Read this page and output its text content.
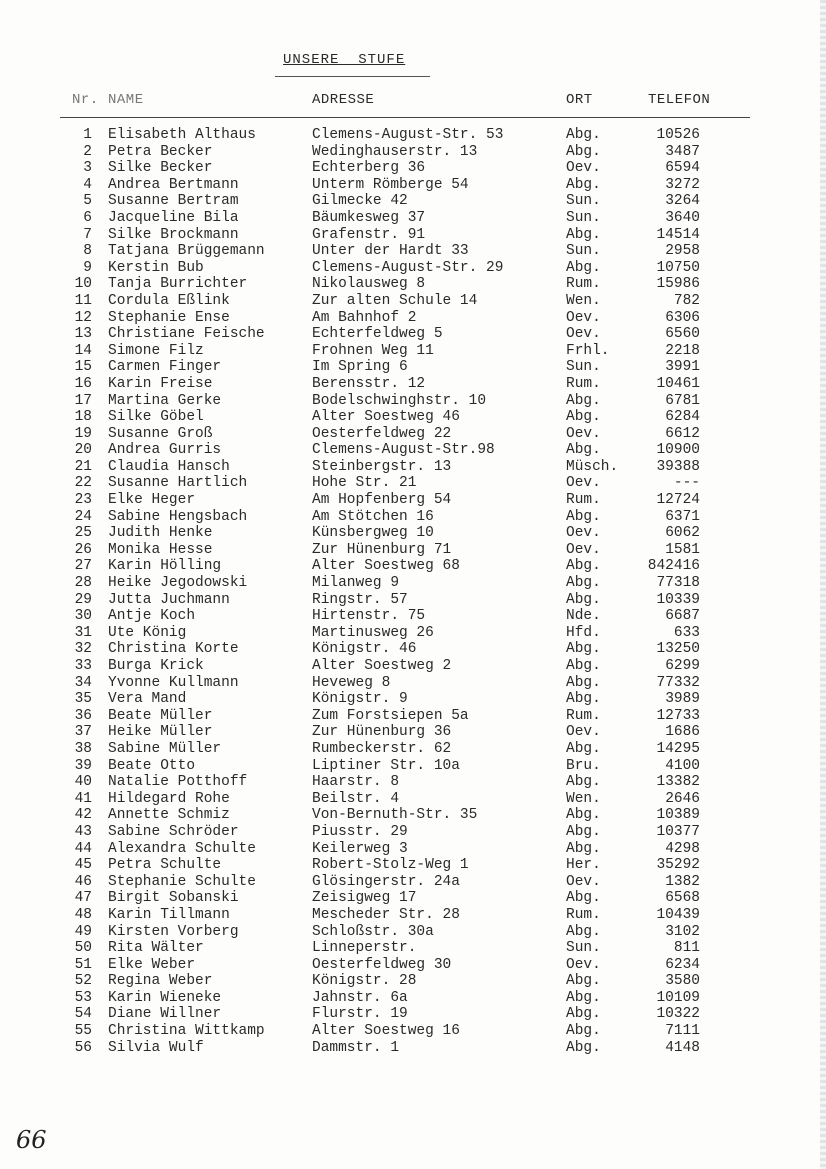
UNSERE  STUFE
Nr. NAME	ADRESSE	ORT	TELEFON
1 Elisabeth Althaus	Clemens-August-Str. 53	Abg.	10526
2 Petra Becker	Wedinghauserstr. 13	Abg.	3487
3 Silke Becker	Echterberg 36	Oev.	6594
4 Andrea Bertmann	Unterm Römberge 54	Abg.	3272
5 Susanne Bertram	Gilmecke 42	Sun.	3264
6 Jacqueline Bila	Bäumkesweg 37	Sun.	3640
7 Silke Brockmann	Grafenstr. 91	Abg.	14514
8 Tatjana Brüggemann	Unter der Hardt 33	Sun.	2958
9 Kerstin Bub	Clemens-August-Str. 29	Abg.	10750
10 Tanja Burrichter	Nikolausweg 8	Rum.	15986
11 Cordula Eßlink	Zur alten Schule 14	Wen.	782
12 Stephanie Ense	Am Bahnhof 2	Oev.	6306
13 Christiane Feische	Echterfeldweg 5	Oev.	6560
14 Simone Filz	Frohnen Weg 11	Frhl.	2218
15 Carmen Finger	Im Spring 6	Sun.	3991
16 Karin Freise	Berensstr. 12	Rum.	10461
17 Martina Gerke	Bodelschwinghstr. 10	Abg.	6781
18 Silke Göbel	Alter Soestweg 46	Abg.	6284
19 Susanne Groß	Oesterfeldweg 22	Oev.	6612
20 Andrea Gurris	Clemens-August-Str.98	Abg.	10900
21 Claudia Hansch	Steinbergstr. 13	Müsch.	39388
22 Susanne Hartlich	Hohe Str. 21	Oev.	---
23 Elke Heger	Am Hopfenberg 54	Rum.	12724
24 Sabine Hengsbach	Am Stötchen 16	Abg.	6371
25 Judith Henke	Künsbergweg 10	Oev.	6062
26 Monika Hesse	Zur Hünenburg 71	Oev.	1581
27 Karin Hölling	Alter Soestweg 68	Abg.	842416
28 Heike Jegodowski	Milanweg 9	Abg.	77318
29 Jutta Juchmann	Ringstr. 57	Abg.	10339
30 Antje Koch	Hirtenstr. 75	Nde.	6687
31 Ute König	Martinusweg 26	Hfd.	633
32 Christina Korte	Königstr. 46	Abg.	13250
33 Burga Krick	Alter Soestweg 2	Abg.	6299
34 Yvonne Kullmann	Heveweg 8	Abg.	77332
35 Vera Mand	Königstr. 9	Abg.	3989
36 Beate Müller	Zum Forstsiepen 5a	Rum.	12733
37 Heike Müller	Zur Hünenburg 36	Oev.	1686
38 Sabine Müller	Rumbeckerstr. 62	Abg.	14295
39 Beate Otto	Liptiner Str. 10a	Bru.	4100
40 Natalie Potthoff	Haarstr. 8	Abg.	13382
41 Hildegard Rohe	Beilstr. 4	Wen.	2646
42 Annette Schmiz	Von-Bernuth-Str. 35	Abg.	10389
43 Sabine Schröder	Piusstr. 29	Abg.	10377
44 Alexandra Schulte	Keilerweg 3	Abg.	4298
45 Petra Schulte	Robert-Stolz-Weg 1	Her.	35292
46 Stephanie Schulte	Glösingerstr. 24a	Oev.	1382
47 Birgit Sobanski	Zeisigweg 17	Abg.	6568
48 Karin Tillmann	Mescheder Str. 28	Rum.	10439
49 Kirsten Vorberg	Schloßstr. 30a	Abg.	3102
50 Rita Wälter	Linneperstr.	Sun.	811
51 Elke Weber	Oesterfeldweg 30	Oev.	6234
52 Regina Weber	Königstr. 28	Abg.	3580
53 Karin Wieneke	Jahnstr. 6a	Abg.	10109
54 Diane Willner	Flurstr. 19	Abg.	10322
55 Christina Wittkamp	Alter Soestweg 16	Abg.	7111
56 Silvia Wulf	Dammstr. 1	Abg.	4148
66
